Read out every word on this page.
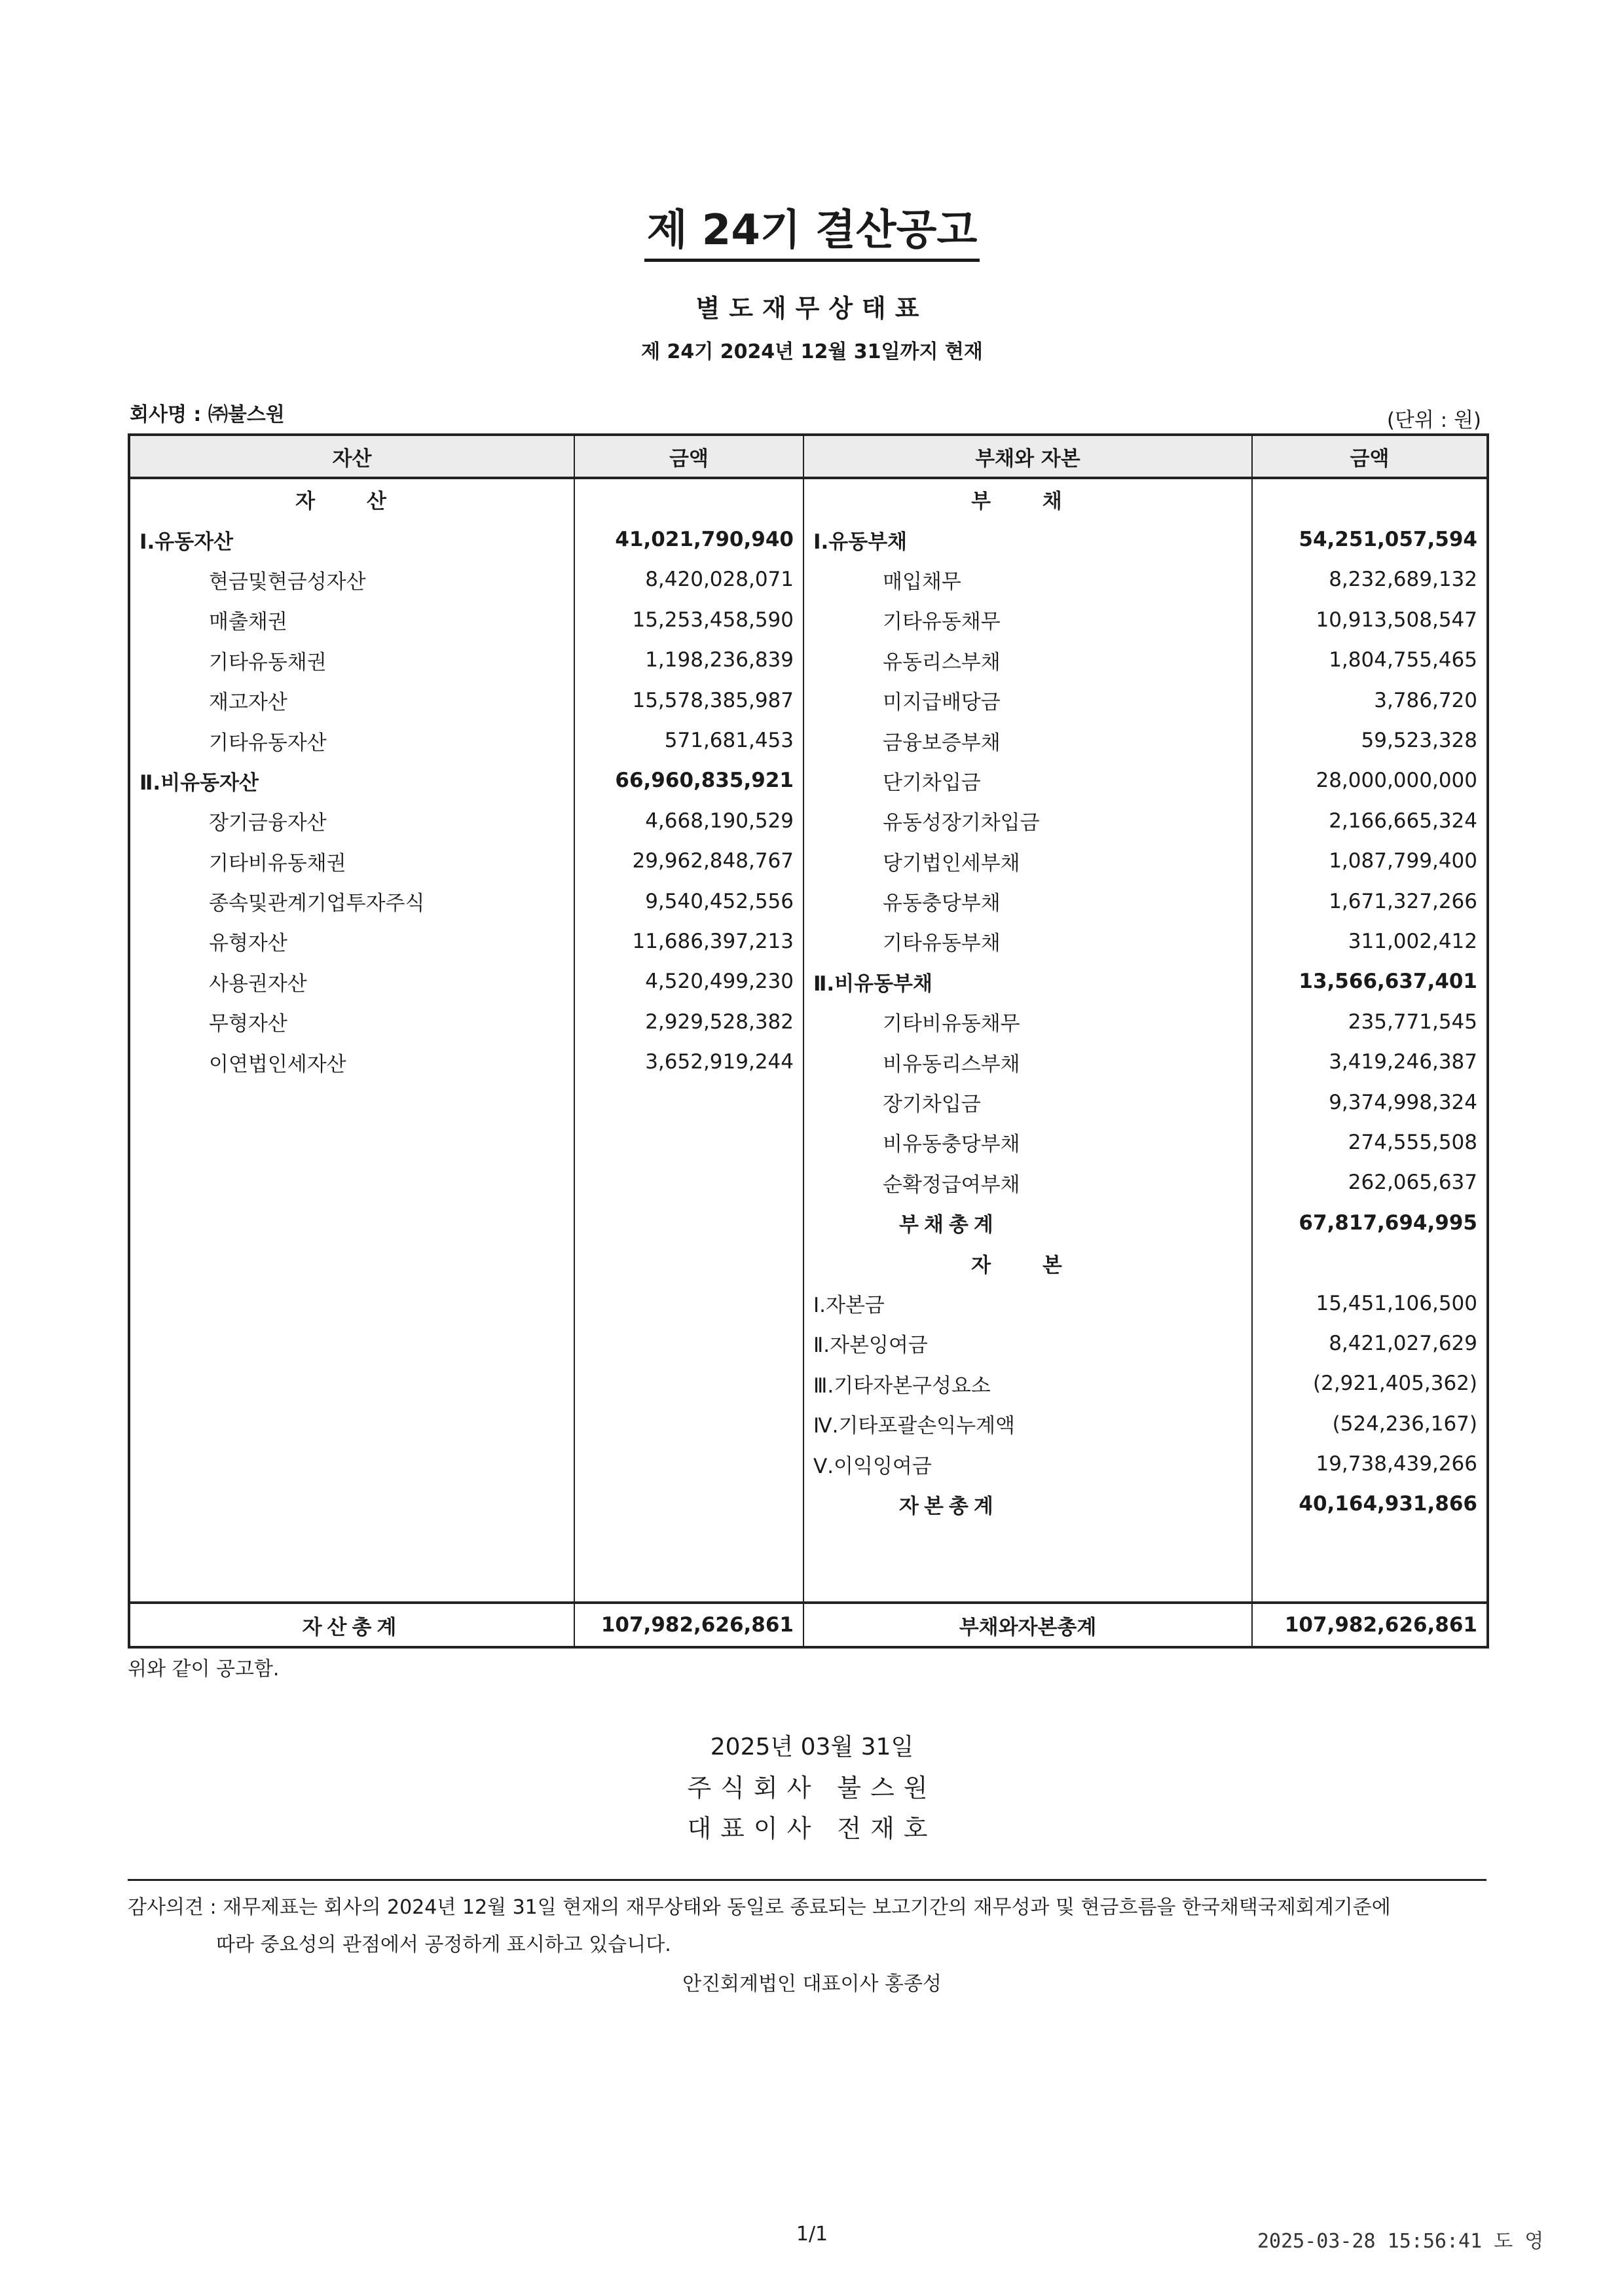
제 24기 결산공고
별도재무상태표
제 24기 2024년 12월 31일까지 현재
회사명 : ㈜불스원	(단위 : 원)
자산	금액	부채와 자본	금액
자 산		부 채	
Ⅰ.유동자산	41,021,790,940	Ⅰ.유동부채	54,251,057,594
현금및현금성자산	8,420,028,071	매입채무	8,232,689,132
매출채권	15,253,458,590	기타유동채무	10,913,508,547
기타유동채권	1,198,236,839	유동리스부채	1,804,755,465
재고자산	15,578,385,987	미지급배당금	3,786,720
기타유동자산	571,681,453	금융보증부채	59,523,328
Ⅱ.비유동자산	66,960,835,921	단기차입금	28,000,000,000
장기금융자산	4,668,190,529	유동성장기차입금	2,166,665,324
기타비유동채권	29,962,848,767	당기법인세부채	1,087,799,400
종속및관계기업투자주식	9,540,452,556	유동충당부채	1,671,327,266
유형자산	11,686,397,213	기타유동부채	311,002,412
사용권자산	4,520,499,230	Ⅱ.비유동부채	13,566,637,401
무형자산	2,929,528,382	기타비유동채무	235,771,545
이연법인세자산	3,652,919,244	비유동리스부채	3,419,246,387
		장기차입금	9,374,998,324
		비유동충당부채	274,555,508
		순확정급여부채	262,065,637
		부채총계	67,817,694,995
		자 본	
		Ⅰ.자본금	15,451,106,500
		Ⅱ.자본잉여금	8,421,027,629
		Ⅲ.기타자본구성요소	(2,921,405,362)
		Ⅳ.기타포괄손익누계액	(524,236,167)
		Ⅴ.이익잉여금	19,738,439,266
		자본총계	40,164,931,866

자산총계	107,982,626,861	부채와자본총계	107,982,626,861
위와 같이 공고함.
2025년 03월 31일
주식회사 불스원
대표이사 전재호
감사의견 : 재무제표는 회사의 2024년 12월 31일 현재의 재무상태와 동일로 종료되는 보고기간의 재무성과 및 현금흐름을 한국채택국제회계기준에
따라 중요성의 관점에서 공정하게 표시하고 있습니다.
안진회계법인 대표이사 홍종성
1/1	2025-03-28 15:56:41 도 영
